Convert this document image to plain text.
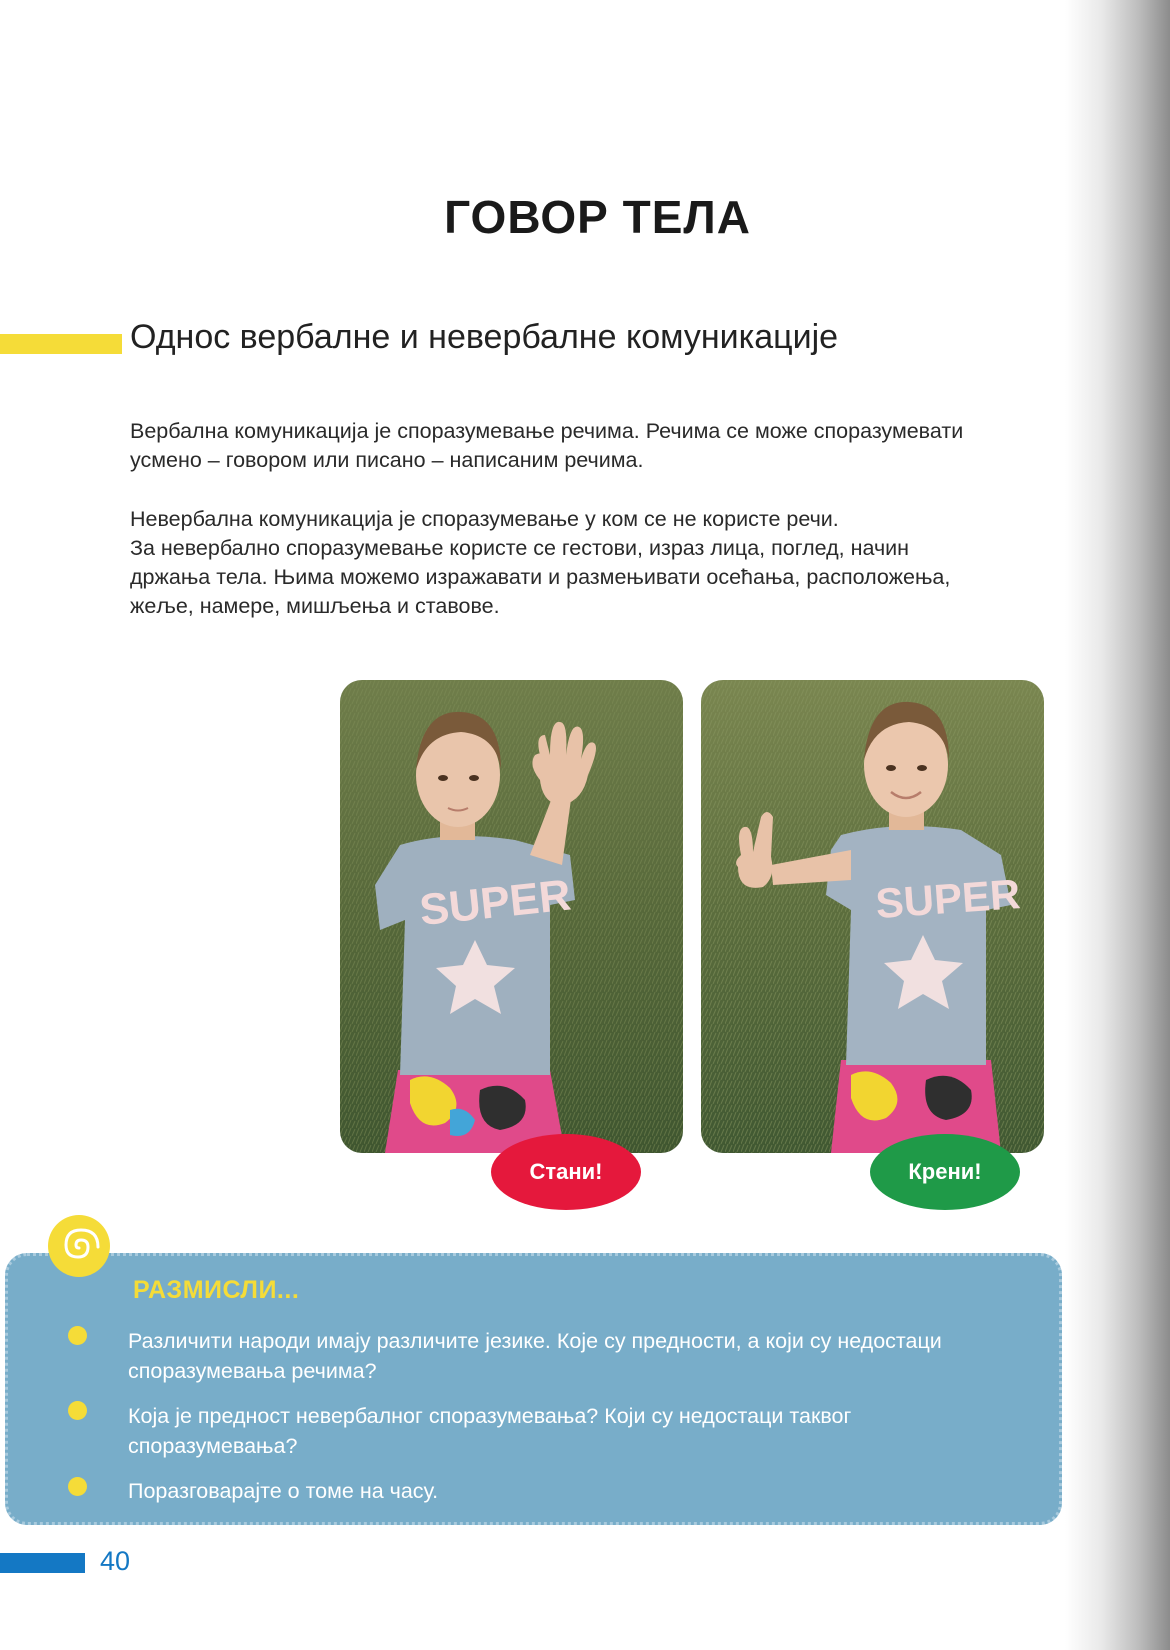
ГОВОР ТЕЛА
Однос вербалне и невербалне комуникације

Вербална комуникација је споразумевање речима. Речима се може споразумевати
усмено – говором или писано – написаним речима.

Невербална комуникација је споразумевање у ком се не користе речи.
За невербално споразумевање користе се гестови, израз лица, поглед, начин
држања тела. Њима можемо изражавати и размењивати осећања, расположења,
жеље, намере, мишљења и ставове.

SUPER
Стани!
SUPER
Крени!
РАЗМИСЛИ...

Различити народи имају различите језике. Које су предности, а који су недостаци
споразумевања речима?

Која је предност невербалног споразумевања? Који су недостаци таквог
споразумевања?

Поразговарајте о томе на часу.

40
